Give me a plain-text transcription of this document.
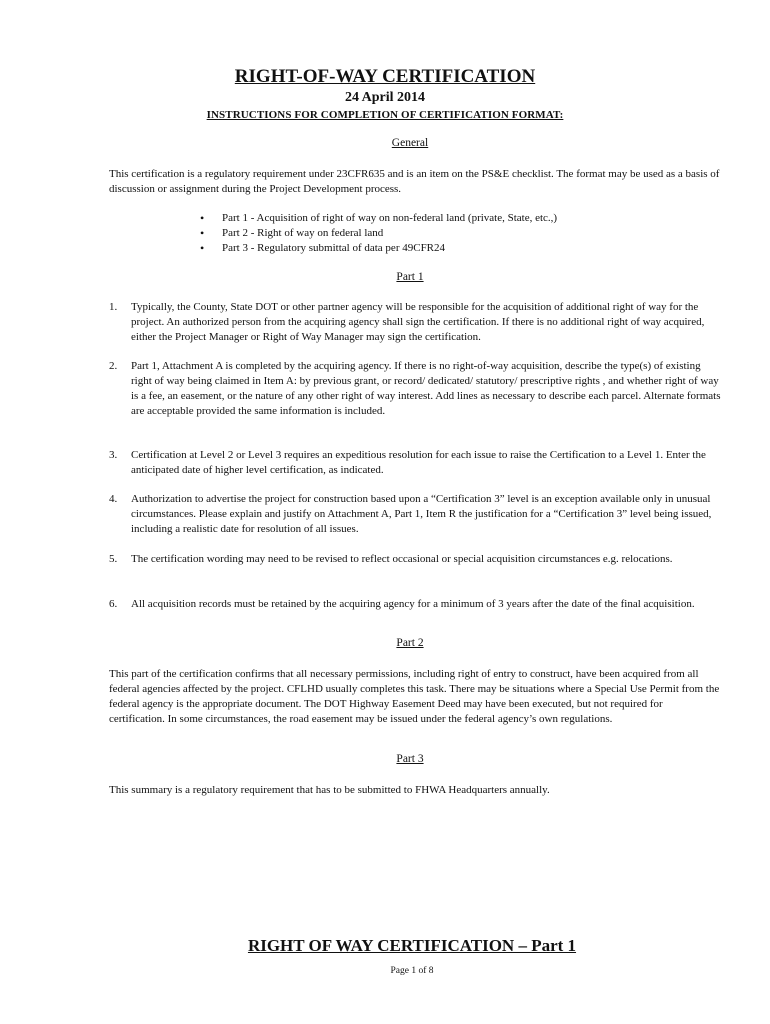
RIGHT-OF-WAY CERTIFICATION
24 April 2014
INSTRUCTIONS FOR COMPLETION OF CERTIFICATION FORMAT:
General

This certification is a regulatory requirement under 23CFR635 and is an item on the PS&E checklist. The format may be used as a basis of discussion or assignment during the Project Development process.

• Part 1 - Acquisition of right of way on non-federal land (private, State, etc.,)
• Part 2 - Right of way on federal land
• Part 3 - Regulatory submittal of data per 49CFR24
Part 1
1.	Typically, the County, State DOT or other partner agency will be responsible for the acquisition of additional right of way for the project. An authorized person from the acquiring agency shall sign the certification. If there is no additional right of way acquired, either the Project Manager or Right of Way Manager may sign the certification.
2.	Part 1, Attachment A is completed by the acquiring agency. If there is no right-of-way acquisition, describe the type(s) of existing right of way being claimed in Item A: by previous grant, or record/ dedicated/ statutory/ prescriptive rights , and whether right of way is a fee, an easement, or the nature of any other right of way interest. Add lines as necessary to describe each parcel. Alternate formats are acceptable provided the same information is included.
3.	Certification at Level 2 or Level 3 requires an expeditious resolution for each issue to raise the Certification to a Level 1. Enter the anticipated date of higher level certification, as indicated.
4.	Authorization to advertise the project for construction based upon a “Certification 3” level is an exception available only in unusual circumstances. Please explain and justify on Attachment A, Part 1, Item R the justification for a “Certification 3” level being issued, including a realistic date for resolution of all issues.
5.	The certification wording may need to be revised to reflect occasional or special acquisition circumstances e.g. relocations.
6.	All acquisition records must be retained by the acquiring agency for a minimum of 3 years after the date of the final acquisition.
Part 2

This part of the certification confirms that all necessary permissions, including right of entry to construct, have been acquired from all federal agencies affected by the project. CFLHD usually completes this task. There may be situations where a Special Use Permit from the federal agency is the appropriate document. The DOT Highway Easement Deed may have been executed, but not required for certification. In some circumstances, the road easement may be issued under the federal agency’s own regulations.

Part 3

This summary is a regulatory requirement that has to be submitted to FHWA Headquarters annually.

RIGHT OF WAY CERTIFICATION – Part 1
Page 1 of 8
